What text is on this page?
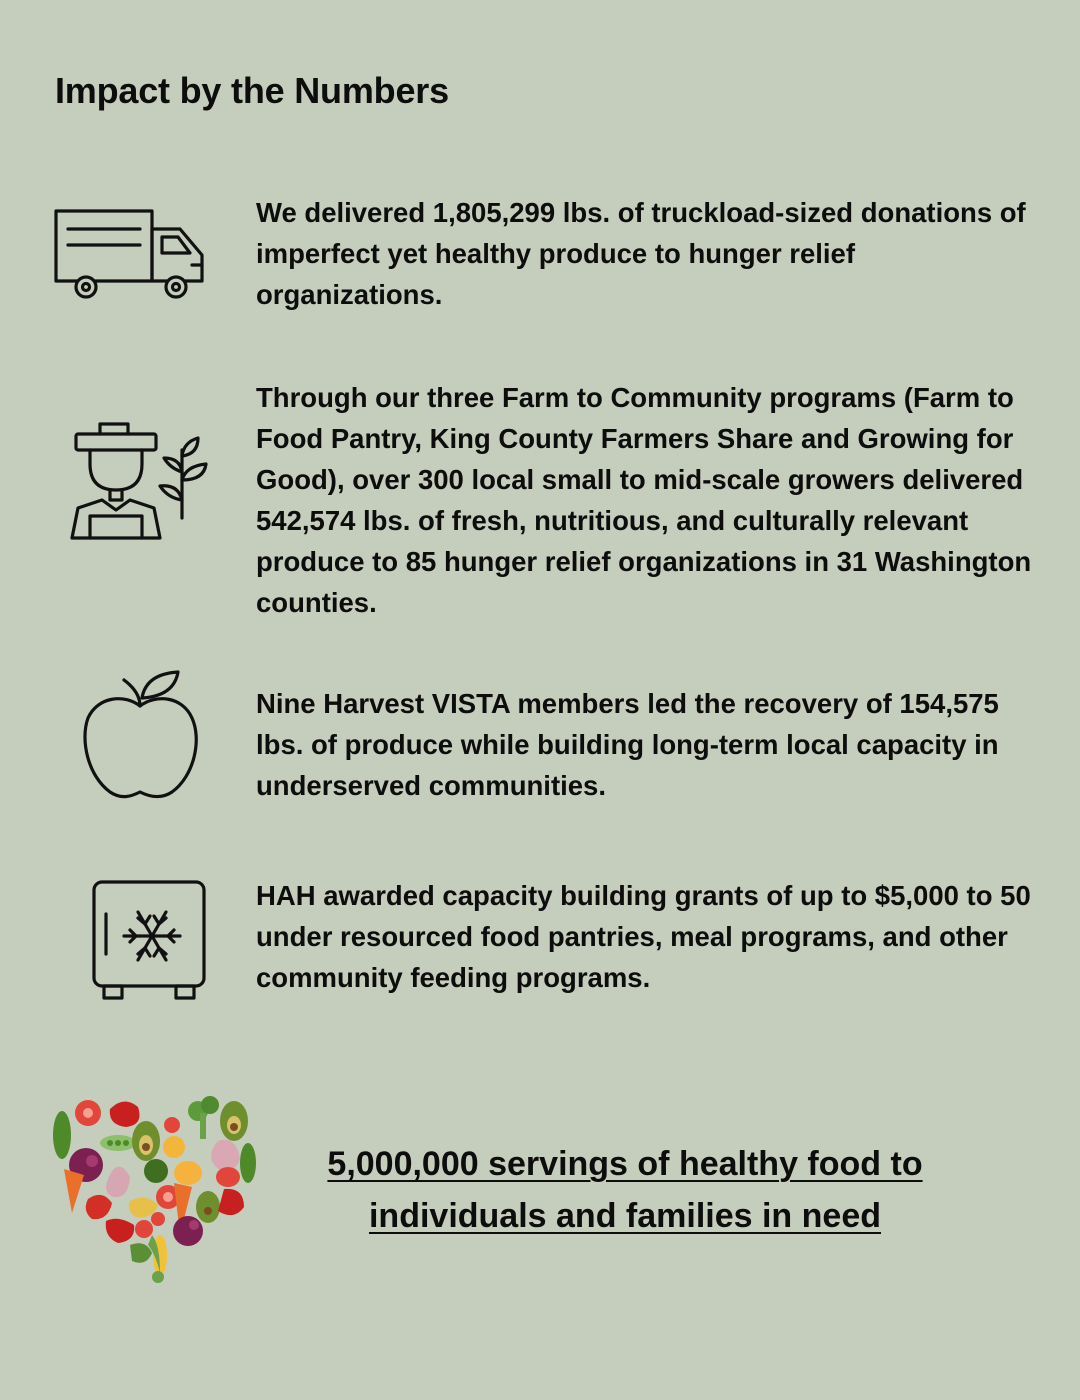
Impact by the Numbers

We delivered 1,805,299 lbs. of truckload-sized donations of imperfect yet healthy produce to hunger relief organizations.

Through our three Farm to Community programs (Farm to Food Pantry, King County Farmers Share and Growing for Good), over 300 local small to mid-scale growers delivered 542,574 lbs. of fresh, nutritious, and culturally relevant produce to 85 hunger relief organizations in 31 Washington counties.

Nine Harvest VISTA members led the recovery of 154,575 lbs. of produce while building long-term local capacity in underserved communities.

HAH awarded capacity building grants of up to $5,000 to 50 under resourced food pantries, meal programs, and other community feeding programs.

5,000,000 servings of healthy food to individuals and families in need
